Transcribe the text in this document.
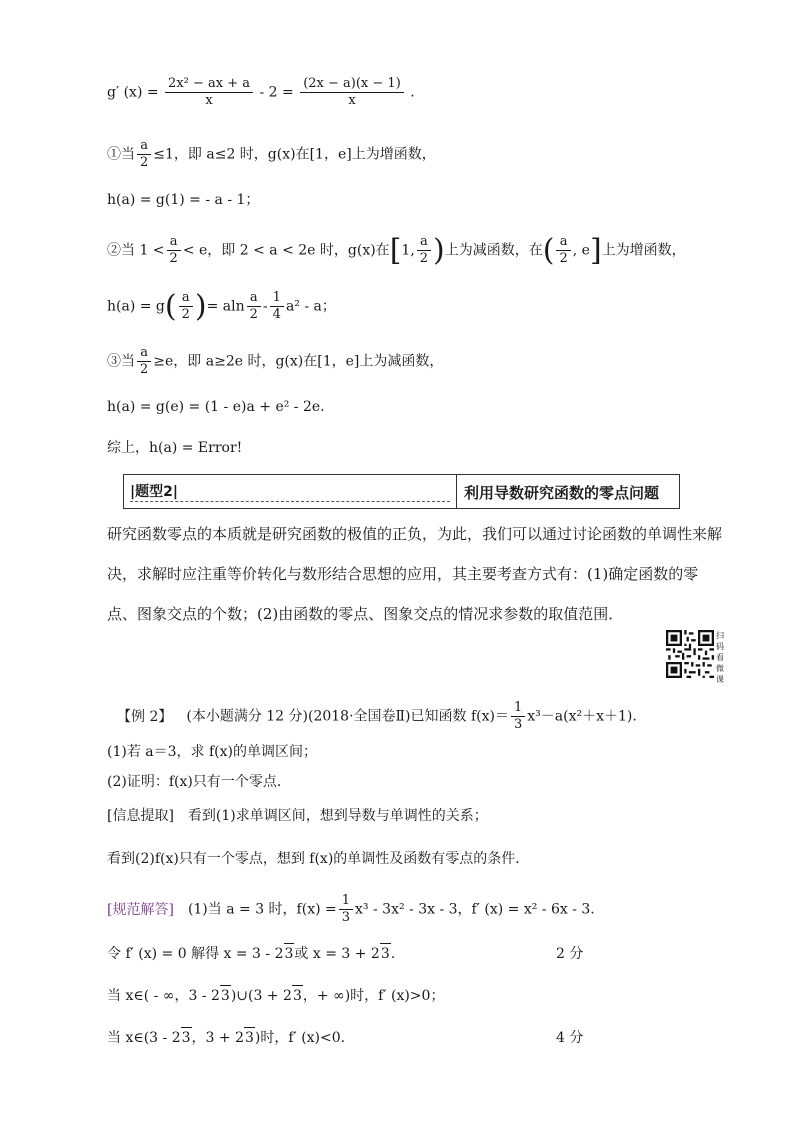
g′ $(x) = \frac{\text{2x² − ax + a}}{x} - 2 = \frac{(2x - a)(x - 1)}{x}$ .
①当 $\frac{a}{2} \le 1$，即 a≤2 时，g(x)在[1，e]上为增函数，
h(a) = g(1) = - a - 1；
②当 $1 < \frac{a}{2} < e$，即 2 < a < 2e 时，g(x)在[1, $\frac{a}{2}$ )上为减函数，在( $\frac{a}{2}$ , e]上为增函数，
$h(a) = g( \frac{a}{2}$ )= aln $\frac{a}{2} - \frac{1}{4} a^2$ - a；
③当 $\frac{a}{2} \ge e$，即 a≥2e 时，g(x)在[1，e]上为减函数，
h(a) = g(e) = (1 - e)a + e² - 2e.
综上，h(a) = Error!
|题型2|	利用导数研究函数的零点问题
研究函数零点的本质就是研究函数的极值的正负，为此，我们可以通过讨论函数的单调性来解决，求解时应注重等价转化与数形结合思想的应用，其主要考查方式有：(1)确定函数的零点、图象交点的个数；(2)由函数的零点、图象交点的情况求参数的取值范围．
扫码看微课
【例 2】 (本小题满分 12 分)(2018·全国卷Ⅱ)已知函数 $f(x)= \frac{1}{3} x^3-a(x^2+x+1)$.
(1)若 a＝3，求 f(x)的单调区间；
(2)证明：f(x)只有一个零点．
[信息提取]　看到(1)求单调区间，想到导数与单调性的关系；
看到(2)f(x)只有一个零点，想到 f(x)的单调性及函数有零点的条件．
[规范解答] (1)当 a = 3 时，$f(x) = \frac{1}{3} x^3 - 3x^2 - 3x - 3$，f′ (x) = x² - 6x - 3.
令 f′ (x) = 0 解得 x = 3 - 23或 x = 3 + 23.	2 分
当 x∈( - ∞，3 - 23)∪(3 + 23，+ ∞)时，f′ (x)>0；
当 x∈(3 - 23，3 + 23)时，f′ (x)<0.	4 分
